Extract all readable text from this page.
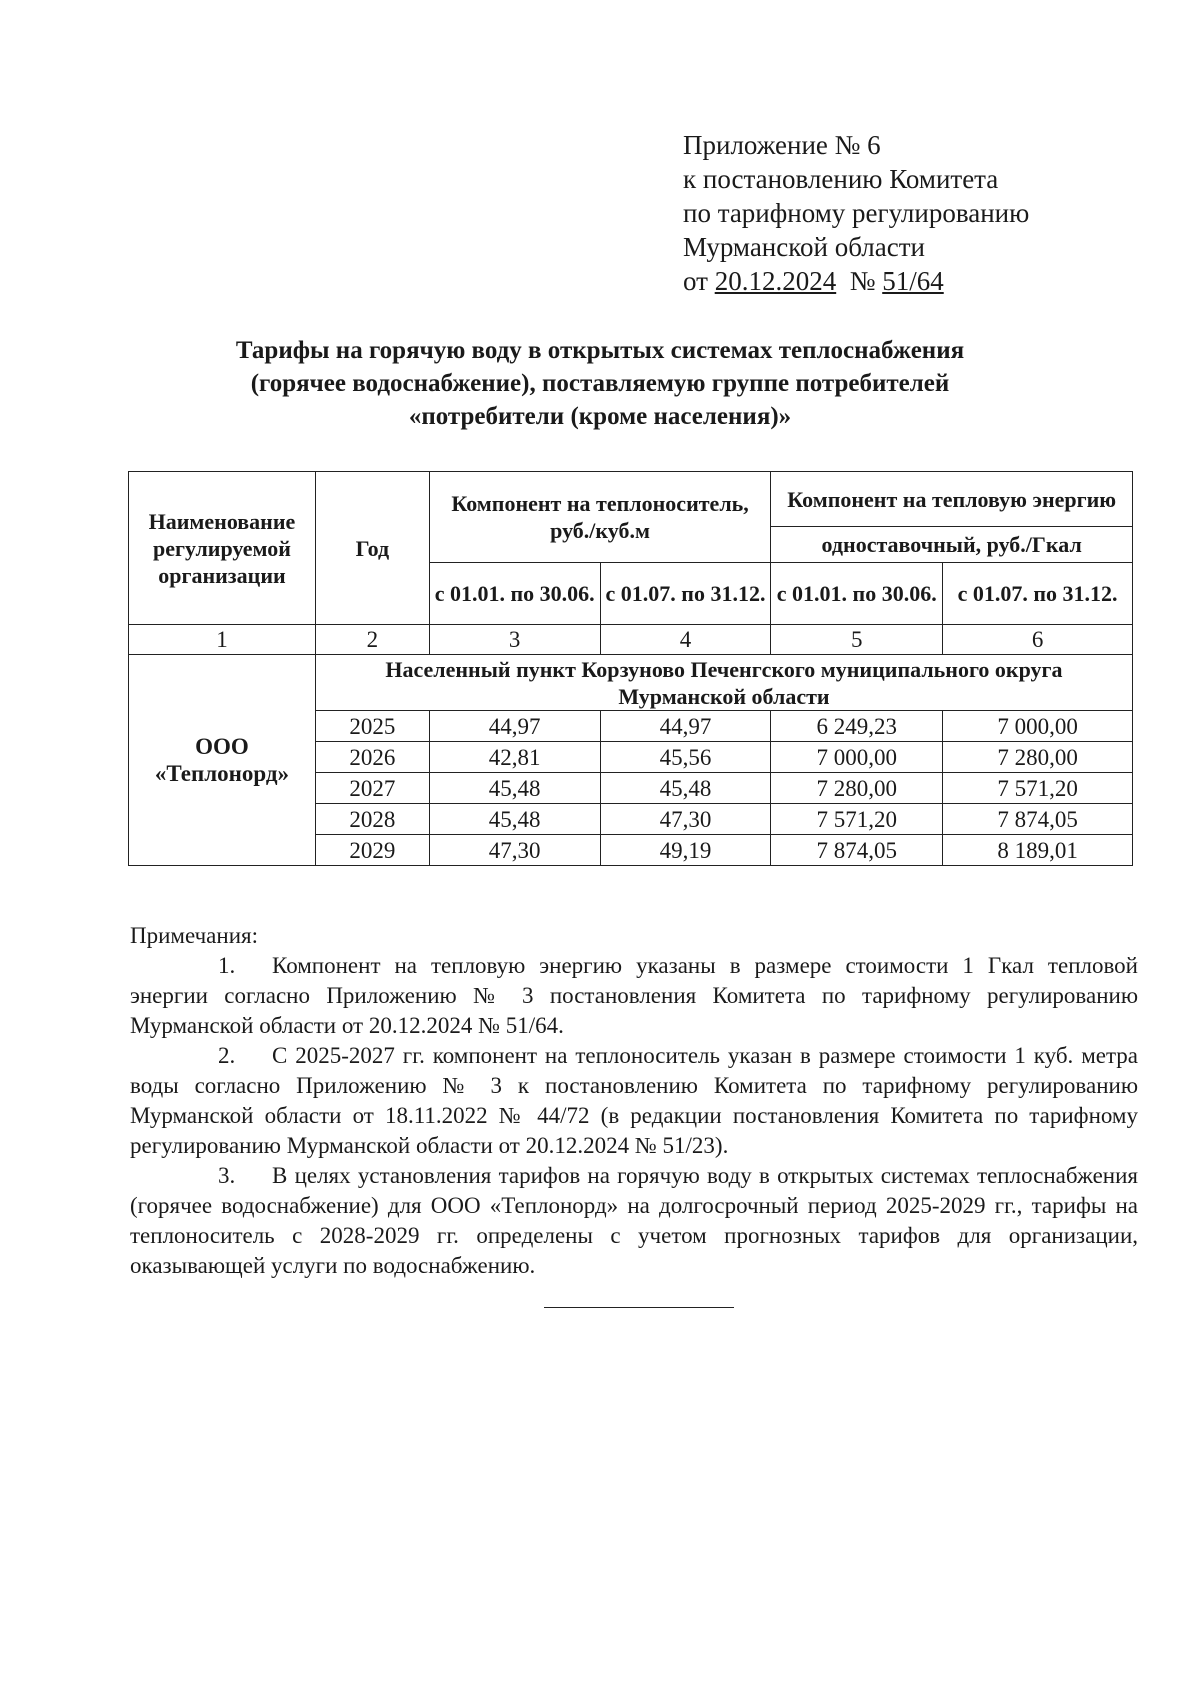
Приложение № 6
к постановлению Комитета
по тарифному регулированию
Мурманской области
от 20.12.2024 № 51/64
Тарифы на горячую воду в открытых системах теплоснабжения
(горячее водоснабжение), поставляемую группе потребителей
«потребители (кроме населения)»
Наименование регулируемой организации	Год	Компонент на теплоноситель, руб./куб.м		Компонент на тепловую энергию	
				одноставочный, руб./Гкал	
		с 01.01. по 30.06.	с 01.07. по 31.12.	с 01.01. по 30.06.	с 01.07. по 31.12.
1	2	3	4	5	6
ООО «Теплонорд»	Населенный пункт Корзуново Печенгского муниципального округа Мурманской области				
	2025	44,97	44,97	6 249,23	7 000,00
	2026	42,81	45,56	7 000,00	7 280,00
	2027	45,48	45,48	7 280,00	7 571,20
	2028	45,48	47,30	7 571,20	7 874,05
	2029	47,30	49,19	7 874,05	8 189,01

Примечания:

1. Компонент на тепловую энергию указаны в размере стоимости 1 Гкал тепловой энергии согласно Приложению № 3 постановления Комитета по тарифному регулированию Мурманской области от 20.12.2024 № 51/64.

2. С 2025-2027 гг. компонент на теплоноситель указан в размере стоимости 1 куб. метра воды согласно Приложению № 3 к постановлению Комитета по тарифному регулированию Мурманской области от 18.11.2022 № 44/72 (в редакции постановления Комитета по тарифному регулированию Мурманской области от 20.12.2024 № 51/23).

3. В целях установления тарифов на горячую воду в открытых системах теплоснабжения (горячее водоснабжение) для ООО «Теплонорд» на долгосрочный период 2025-2029 гг., тарифы на теплоноситель с 2028-2029 гг. определены с учетом прогнозных тарифов для организации, оказывающей услуги по водоснабжению.
